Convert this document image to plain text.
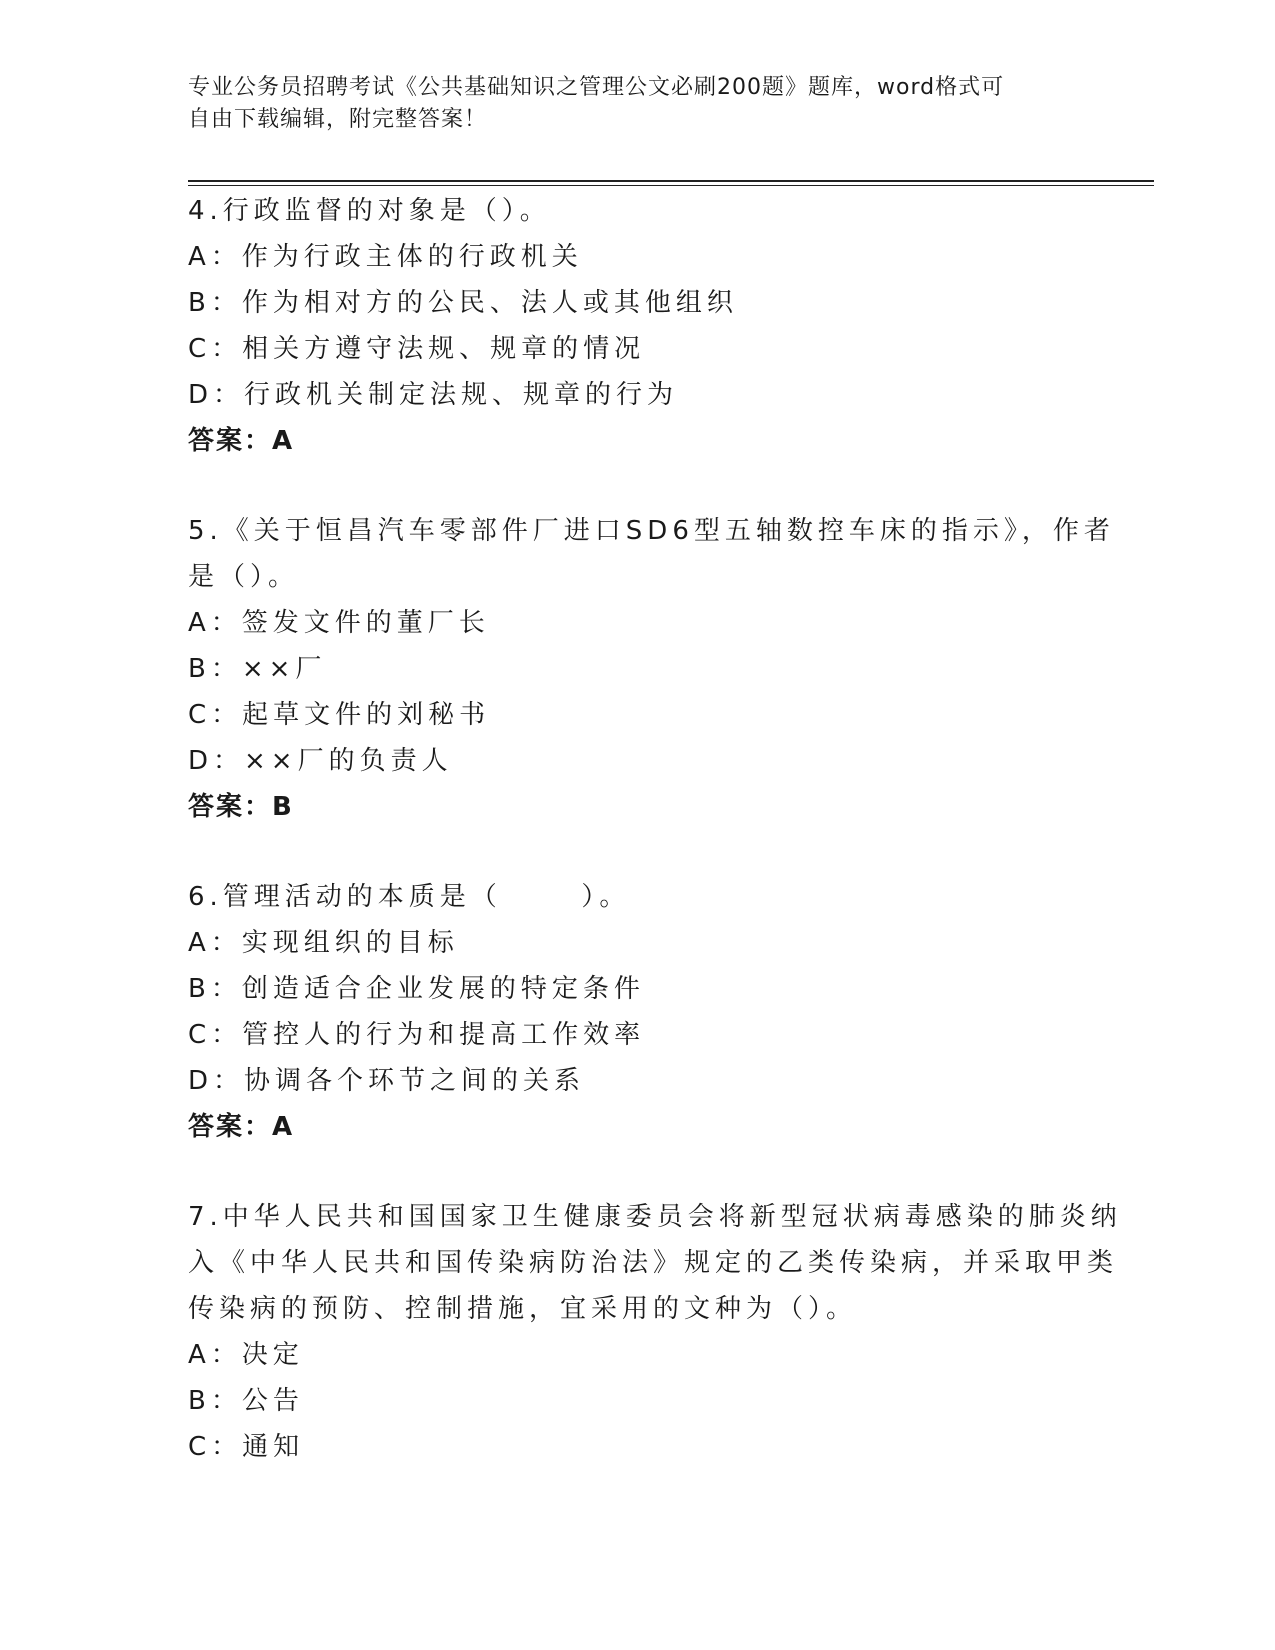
专业公务员招聘考试《公共基础知识之管理公文必刷200题》题库，word格式可

自由下载编辑，附完整答案！

4.行政监督的对象是（）。
A：作为行政主体的行政机关
B：作为相对方的公民、法人或其他组织
C：相关方遵守法规、规章的情况
D：行政机关制定法规、规章的行为
答案：A
5.《关于恒昌汽车零部件厂进口SD6型五轴数控车床的指示》，作者
是（）。
A：签发文件的董厂长
B：××厂
C：起草文件的刘秘书
D：××厂的负责人
答案：B
6.管理活动的本质是（      ）。
A：实现组织的目标
B：创造适合企业发展的特定条件
C：管控人的行为和提高工作效率
D：协调各个环节之间的关系
答案：A
7.中华人民共和国国家卫生健康委员会将新型冠状病毒感染的肺炎纳
入《中华人民共和国传染病防治法》规定的乙类传染病，并采取甲类
传染病的预防、控制措施，宜采用的文种为（）。
A：决定
B：公告
C：通知
